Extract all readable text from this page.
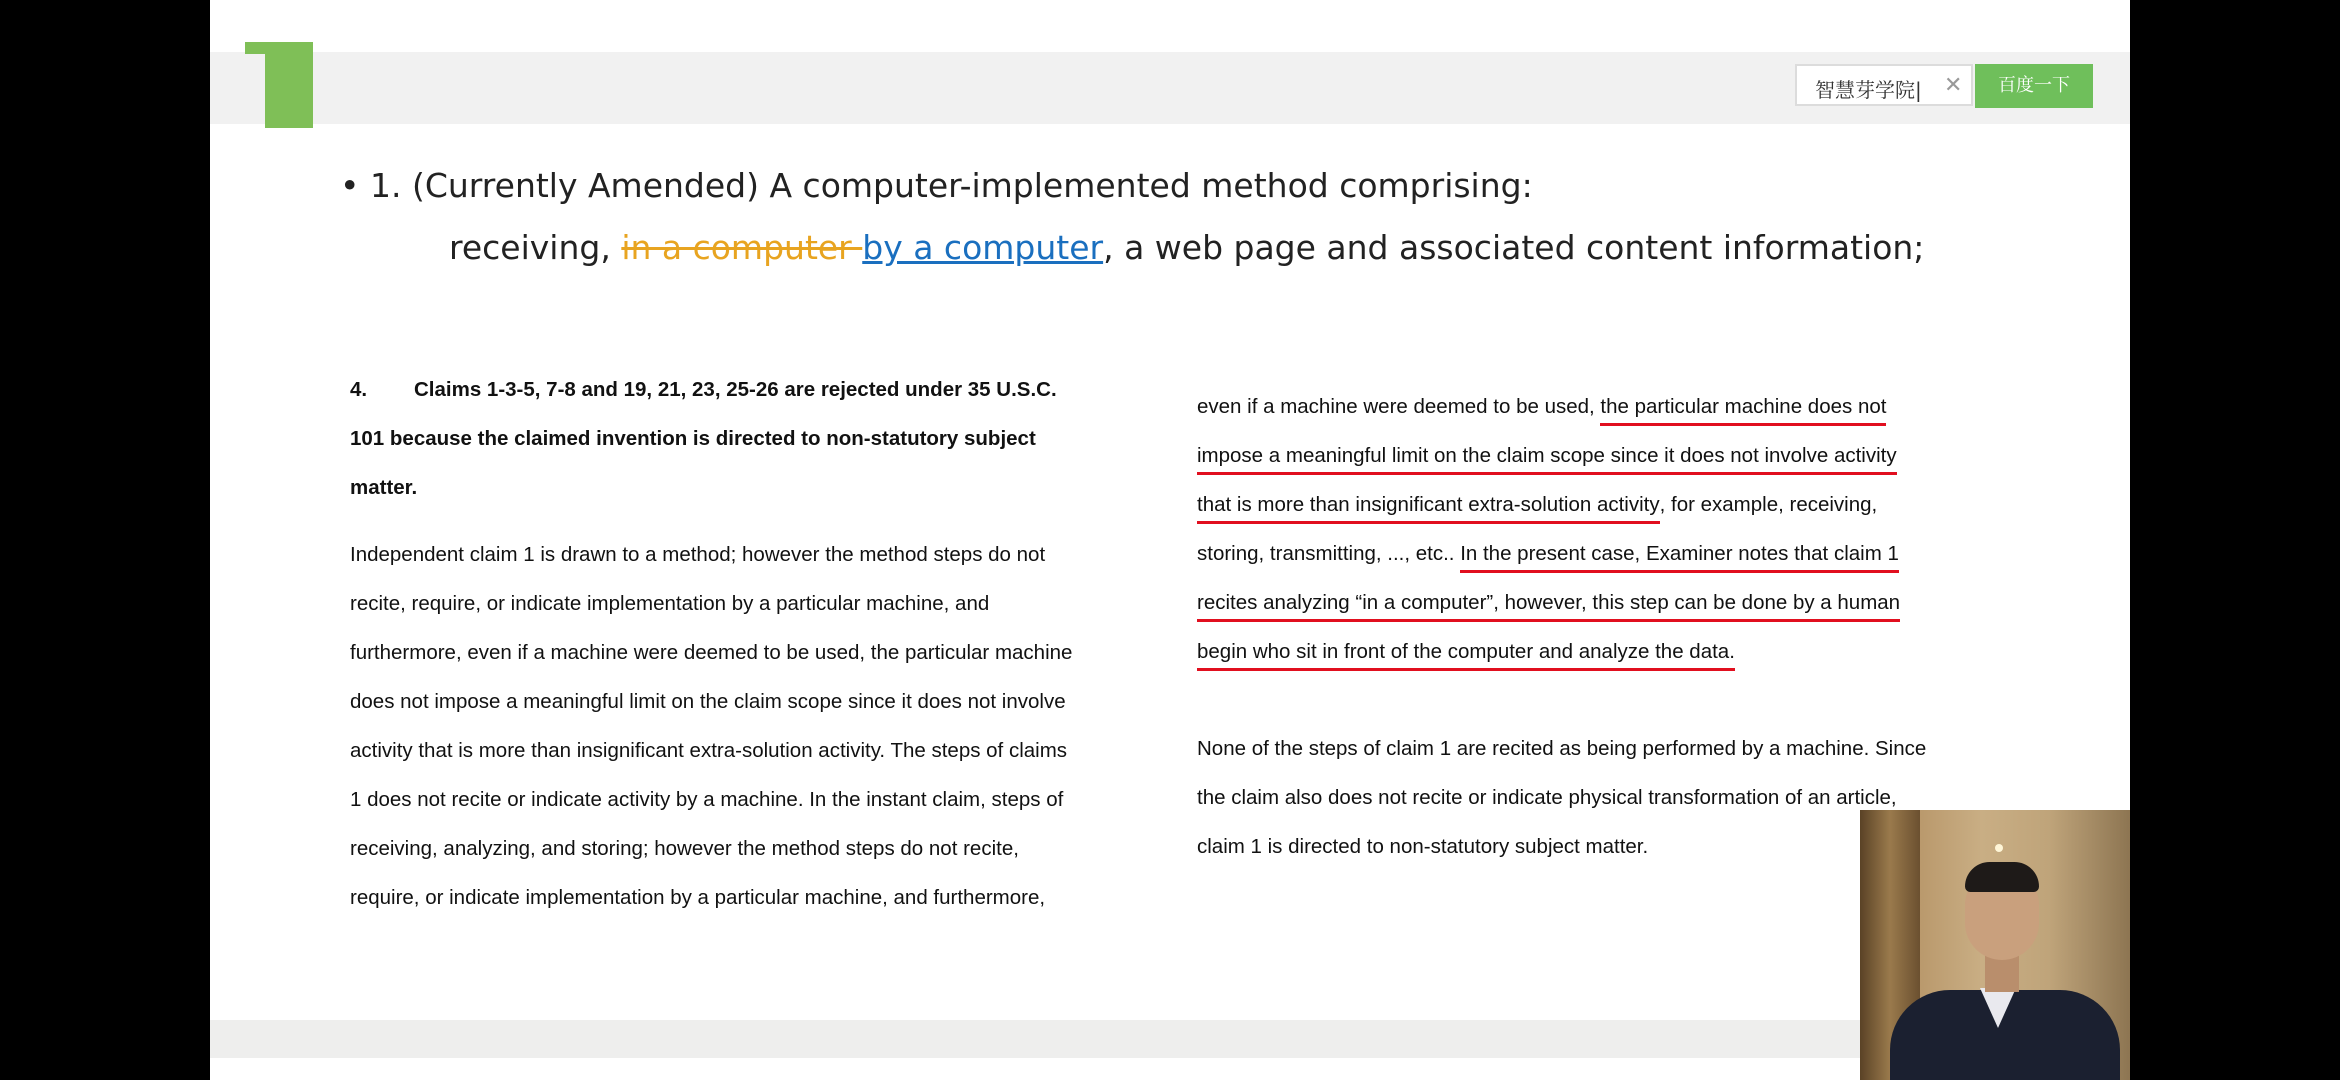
智慧芽学院|	✕	百度一下
• 1. (Currently Amended) A computer-implemented method comprising:
receiving, in a computer by a computer, a web page and associated content information;
4. Claims 1-3-5, 7-8 and 19, 21, 23, 25-26 are rejected under 35 U.S.C.
101 because the claimed invention is directed to non-statutory subject
matter.
Independent claim 1 is drawn to a method; however the method steps do not
recite, require, or indicate implementation by a particular machine, and
furthermore, even if a machine were deemed to be used, the particular machine
does not impose a meaningful limit on the claim scope since it does not involve
activity that is more than insignificant extra-solution activity. The steps of claims
1 does not recite or indicate activity by a machine. In the instant claim, steps of
receiving, analyzing, and storing; however the method steps do not recite,
require, or indicate implementation by a particular machine, and furthermore,
even if a machine were deemed to be used, the particular machine does not
impose a meaningful limit on the claim scope since it does not involve activity
that is more than insignificant extra-solution activity, for example, receiving,
storing, transmitting, ..., etc.. In the present case, Examiner notes that claim 1
recites analyzing “in a computer”, however, this step can be done by a human
begin who sit in front of the computer and analyze the data.
None of the steps of claim 1 are recited as being performed by a machine. Since
the claim also does not recite or indicate physical transformation of an article,
claim 1 is directed to non-statutory subject matter.
